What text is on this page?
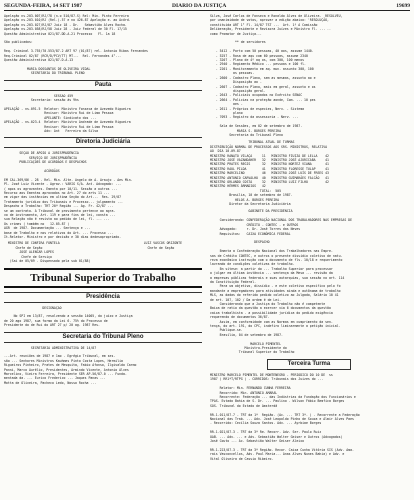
SEGUNDA-FEIRA, 14 SET 1987	DIARIO DA JUSTIÇA	19699
Apelação ns.203.007/RJ/78 (n.o 510/87-S) Rel: Min. Pinto Ferreira
Apelação ns.203.010/RJ (Rel.)-57 e no 426-87 Apelação e. ao Acórd.
Apelação ns.203.027/RJ/87 Juiz 18 - Dr.   Sebastião Alves Rocha.
Apelação ns.203.058/RJ/58 Juiz 28 - Juiz Federal de 30 Fl. 17/15
Questão Administrativa 021/87-DD-A-21 Processo   Fl. 1a 18

São publicados:

Req. Criminal 3.755/70.553/87.2 ART 97 (01/87) rel. Antonio Ribas Fernandes
Req.Criminal 02/87 (RCR/D/PCV/TT) MT...  Rel. Fernandes 4°...
Questão Administrativa 021/87-D.A.13

MARIA DOSSANTOS DE OLIVEIRA VIDAL
SECRETARIA DO TRIBUNAL PLENO
Pauta
SESSÃO 459
Secretaria: sessão às 9hs

APELAÇÃO - ns.091-5  Relator: Ministro Fonseca de Azevedo Rigueira
Revisor: Ministro Rui de Lima Pessoa
APELANTE: Sindicato dos ...
APELAÇÃO - ns.023-4  Relator: Ministro Andrade de Azevedo Rigueira
Revisor: Ministro Rui de Lima Pessoa
Adv: Ant   Ferreira da Silva
Diretoria Judiciária
SEÇÃO DE APOIO A JURISPRUDÊNCIA
SERVIÇO DE JURISPRUDÊNCIA
PUBLICAÇÕES DE ACÓRDÃOS E DESPACHOS

ACÓRDÃOS

EM CAL-369/86 - 28 - Rel. Min. Alte. Angelo de A. Araujo - Aes Min.
Pl. José Luiz Vicente - Agrav.: VARIG S/A. Ant. Advogado: ...
( apos os agravantes. Ementa por 10/11. Sessão a outros ...
Recurso aos Ementas aprovados no Art. 27 do arts 11 ...
em vigor das instâncias em ultima Seção do Art...  Res. 29/87
Tratamento jurídico dos Tribunais e Processo... julgamento ...
Despacho a Trabalho: TRT 20ª Região ... Ag. Fr. 42/87 ...
se um contrato. A Tribunal de provimento pertence ao agra-
vo de instrumento, Art. 119 e para fins de lei, consta ...
sua Relação não é revista ao pedido de lei, fl. ... ...
Os crimes ( também no   12.05.87 )
AGR  de 1987. Documentação ... Sentença e ...
base de Trabalho e nos relativos do Art. ... Processo ...
It-Relator. Ministro e por decisão e 30 dias dedesapropriado.
MINISTRO DE CONFIRA FONTELA
Chefe de Seção
LUIZ VASCOS ORIZONTE
Chefe de Seção
JOSÉ ALENCAR LOPES
Chefe de Serviço
(Sai de 05/09 - Dispensado pela sub 01/88)
Tribunal Superior do Trabalho
Presidência
DESIGNAÇÃO

No SPI em 13/87, resolvendo a sessão 14005, do juízo e Justiça
de 20 ago 1987, sua forma da Lei 6. 75% do Processo de
Presidente do de Rui do ART 27 p/ 20 ag. 1987 Res.
Secretaria do Tribunal Pleno
SECRETARIA ADMINISTRATIVA DE 14/87

...Art. reuniões de 1987 e 1ao - Egrégio Tribunal, em ses-
são ... Senhores Ministros Kauhmes Pinto Costa Lopes, Hermilia
Rigueiros Pinheiro, Prates de Mesquita, Fabio Afonso, Ilgivaldo Carmo
Panni, Marco Aurélio, Presidentes, Armindo Vicente, Antonio Alves
Marcelino, Vieira Ferreira, Presidente SER AP-56/87-0 ... Funda-
mentada da. ... Eurico Frederico ... Jaques Panas ...
Motta de Oliveira, Pacheco Ledo, Nosso Rocha ...
Silva, José Carlos de Fonseca e Ronaldo Alves de Oliveira.  RESOLVEU,
por unanimidade de votos, aprovar a edição abaixo: 'RESOLUÇÃO,
constituída ART 1° Fl. 14/87 TST ...  Art. 1º A Comissão
Deliberação, Presidente e Revisora Juízes e Ministro Fl. ... ..
como Promotor de Justiça...

** de servidores

- 5412 - Porto com 50 pessoas, 40 aos, assume 1440.
- 5257 - Rosa de aqu com 60 pessoas, assume 2340
- 3207 - Plano de 4º aq os, com 300, 100 menos
- 2940 - Regimento Médico ... pessoas e 100 fl.
- 2201 - Monitoramento em aq. mun. assunto 300, 100
as pessoas.
- 2600 - Cadastro Plano, sem as mesmas, assunto ao e
Disposição ao -
- 2607 - Cadastro Plano, mais em geral, assunto e os
disposição geral.
- 2643 - Policiais ocupados no Exército SENAC
- 2664 - Policias na proteção aonde, Com. ... 10 pes
aes -
- 2611 - Próprios de especies, Nerv. - Sistema
plano
- 7093 - Registro da assessoria - Nerv. ...

Sala de Sessões, em 02 de setembro de 1987.
MARIA S. BORGES PEREIRA
Secretaria do Tribunal Pleno
TRIBUNAL ATUAL DE TURMAS
DISTRIBUIÇÃO NORMAL DE PROCESSOS AOS SRS. MINISTROS, RELATIVA
AO  DIA 10.09.87
MINISTRO RANATO VILAÇA     11   MINISTRO FIUIZA DE LELLA    42
MINISTRO JOSÉ VAZANDAHER   32   MINISTRO JOSÉ AJURICABA     41
MINISTRO PRATES REGIS      32   MINISTRO NORTEZ VIANA       41
MINISTRO RAUL PILDA        41   MINISTRO FLORESSE TULAP     41
MINISTRO MARCELINO         46   MINISTRO JOSÉ LUÍS DE FREES 43
MINISTRO ANTONIO CARVALHO  40   MINISTRO GUIMARÃES FALCÃO   41
MINISTRO ORLANDO COSTA     32   MINISTRO LUIZ FILHO         42
MINISTRO HÉRMES ÁRMADIOS   42
TOTAL:  505
Brasília, 10 de setembro de 1987.
HELOS A. BORGES PEREIRA
Diretor da Secretaria Judiciária
GABINETE DA PRESIDÊNCIA

Considerando: CONFEDERAÇÃO NACIONAL DOS TRABALHADORES NAS EMPRESAS DE
CRÉDITO - CONTEC - e OUTROS
Advogado:     r. Dr. José Torres das Neves
Requisitos:   CAIXA ECONÔMICA FEDERAL

DESPACHO

Ementa a Confederação Nacional dos Trabalhadores nas Empre-
sas de Crédito CONTEC, e outros o presente dissídio coletivo de natu-
reza econômica instrução com o documento de fls. 10/18 e requerimento
lavrando de condições coletivas de trabalho.
Em sítese: a partir do ... Trabalho Superior para processar
o julgar em última instância ... sentença da Mesa ... revisão da
a empresas públicas federais e suas autarquias, sua sessão no art. 114
da Constituição Federal.
Para um objetivo, dissídio - e este coletivo específico pelo fo
mandante a empregadores para atividades ainda e autônoma de trabalho
MLS, as dadas do referido pedido coletivo ao Julgado, Salário 10 41
de art. 107, 102 / Da ordem é de Lei.
Considerando que a Justiça do Trabalho não é competente
Baixa de ratio da questão a exercer via 6 documentos da questão
caixa trabalhista - a possibilidade jurídica do pedido exigência
requerendo de documentos 36/87.
Assim, em conformidade com as Normas em cumprimento da sen-
tença, do art. 191, do CPC, indefiro liminarmente a petição inicial.
Publique-se.
Brasília, 04 de setembro de 1987.

MARCELO PIMENTEL
Ministro-Presidente do
Tribunal Superior do Trabalho
Terceira Turma
MINISTRO MARCELO PIMENTEL DE MONTENEGRO - PERIÓDICO DO 10 DE  ss
1987 ( RR1ªT/RTPG ) - CORRIDOS: Tribunais dos Juizes do ...

Relator: Min. FERNANDO CUNHA FERREIRA
Recorrido: Min. ANTONIO AMARAL
Recorrente: Federação ... das Indústrias da Fundação dos Funcionários e
TPAS. Estado Bahia de S. Dr. ... Paulino - Wilson Fábio Bemfica Borges
SOS. Tribunal do Estado de Amsterdã

RR-1.011/87.7 - TRT da 1ª  Região. (Ac. ... TRT 3ª. ) - Recorrente a Federação
Nacional das Trab. ... Adv. José Leopoldo Pinho de Souza e Almir Alves Paes
- Recorrido: Cecília Souza Santos. Adv. ... Ayrbiae Borges

RR-1.021/87-3 - TRT da 3ª Re. Recorr. Adv. Ser. Paulo Ruiz
OAB. ... Adv. ... e Adv. Sebastião Walter Geiser e Outros (Advogados)
José Couto ... Ac. Sebastião Walter Geiser Aleixo

RR-1.223/87-3 - TRT da 3ª Região. Recor. Caixa Cunha Vitória SIS (Adv. Ama-
rais Vasconcellos, Adv. Paul Maria... Anas Alves Nunes Bahia) e Adv. e
Vital Oliveira de Cassio Ribeiro.
